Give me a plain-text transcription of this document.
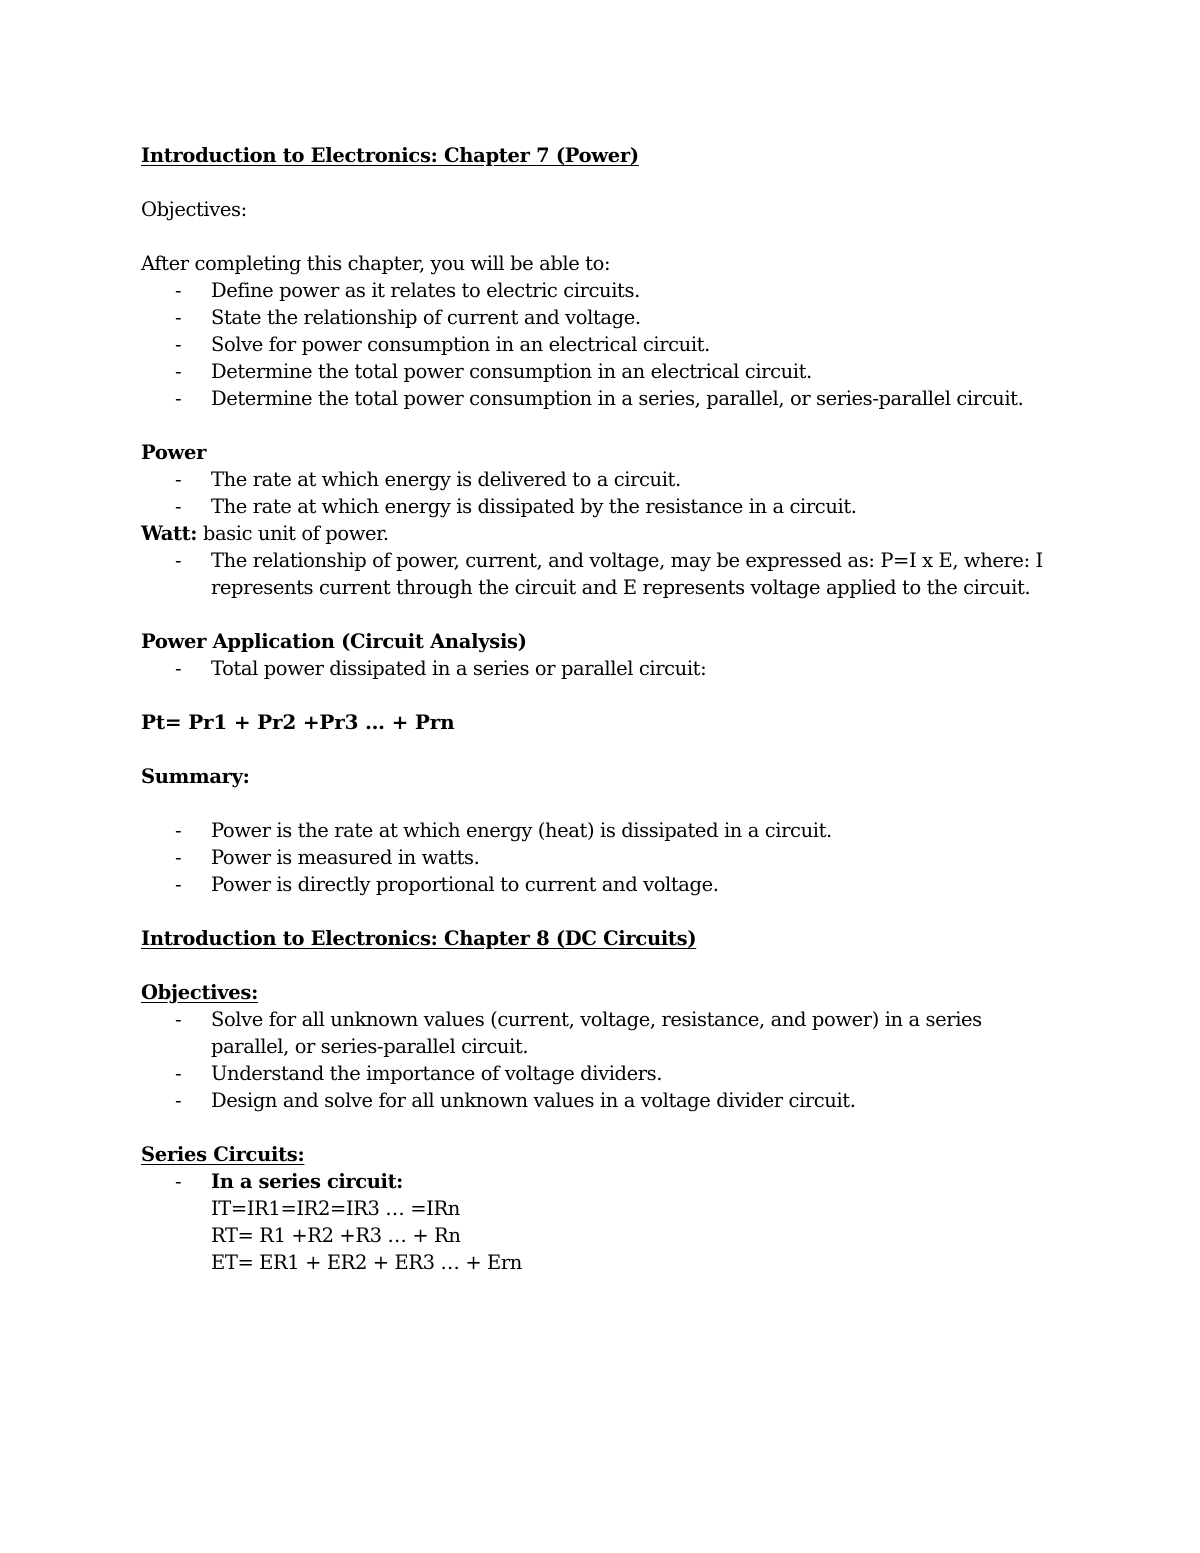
Introduction to Electronics: Chapter 7 (Power)

Objectives:

After completing this chapter, you will be able to:

- Define power as it relates to electric circuits.
- State the relationship of current and voltage.
- Solve for power consumption in an electrical circuit.
- Determine the total power consumption in an electrical circuit.
- Determine the total power consumption in a series, parallel, or series-parallel circuit.

Power

- The rate at which energy is delivered to a circuit.
- The rate at which energy is dissipated by the resistance in a circuit.

Watt: basic unit of power.

- The relationship of power, current, and voltage, may be expressed as: P=I x E, where: I represents current through the circuit and E represents voltage applied to the circuit.

Power Application (Circuit Analysis)

- Total power dissipated in a series or parallel circuit:

Pt= Pr1 + Pr2 +Pr3 … + Prn

Summary:

- Power is the rate at which energy (heat) is dissipated in a circuit.
- Power is measured in watts.
- Power is directly proportional to current and voltage.

Introduction to Electronics: Chapter 8 (DC Circuits)

Objectives:

- Solve for all unknown values (current, voltage, resistance, and power) in a series parallel, or series-parallel circuit.
- Understand the importance of voltage dividers.
- Design and solve for all unknown values in a voltage divider circuit.

Series Circuits:

- In a series circuit:

IT=IR1=IR2=IR3 … =IRn

RT= R1 +R2 +R3 … + Rn

ET= ER1 + ER2 + ER3 … + Ern
